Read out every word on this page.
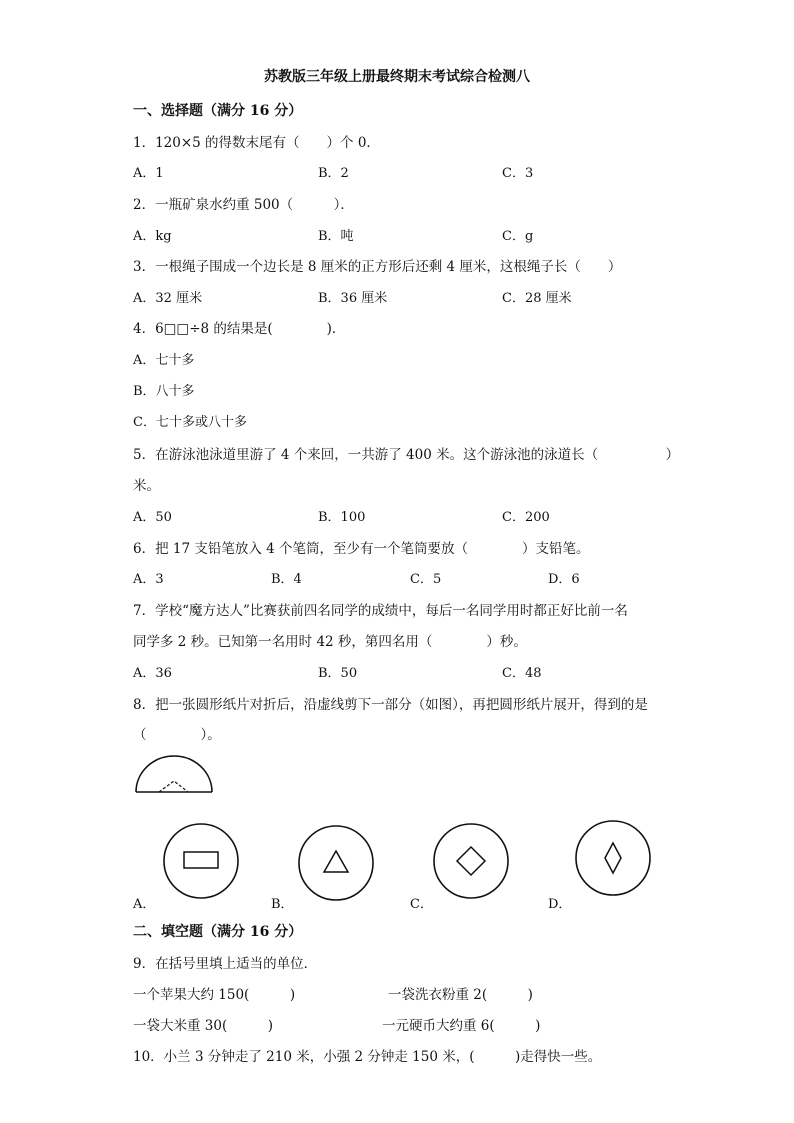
苏教版三年级上册最终期末考试综合检测八
一、选择题（满分 16 分）
1．120×5 的得数末尾有（　　）个 0．
A．1	B．2	C．3
2．一瓶矿泉水约重 500（　　　）．
A．kg	B．吨	C．g
3．一根绳子围成一个边长是 8 厘米的正方形后还剩 4 厘米，这根绳子长（　　）
A．32 厘米	B．36 厘米	C．28 厘米
4．6□□÷8 的结果是(　　　　)．
A．七十多
B．八十多
C．七十多或八十多
5．在游泳池泳道里游了 4 个来回，一共游了 400 米。这个游泳池的泳道长（　　　　　）
米。
A．50	B．100	C．200
6．把 17 支铅笔放入 4 个笔筒，至少有一个笔筒要放（　　　　）支铅笔。
A．3	B．4	C．5	D．6
7．学校“魔方达人”比赛获前四名同学的成绩中，每后一名同学用时都正好比前一名
同学多 2 秒。已知第一名用时 42 秒，第四名用（　　　　）秒。
A．36	B．50	C．48
8．把一张圆形纸片对折后，沿虚线剪下一部分（如图），再把圆形纸片展开，得到的是
（　　　　）。
A．	B．	C．	D．
二、填空题（满分 16 分）
9．在括号里填上适当的单位．
一个苹果大约 150(　　　)	一袋洗衣粉重 2(　　　)
一袋大米重 30(　　　)	一元硬币大约重 6(　　　)
10．小兰 3 分钟走了 210 米，小强 2 分钟走 150 米，(　　　)走得快一些。
